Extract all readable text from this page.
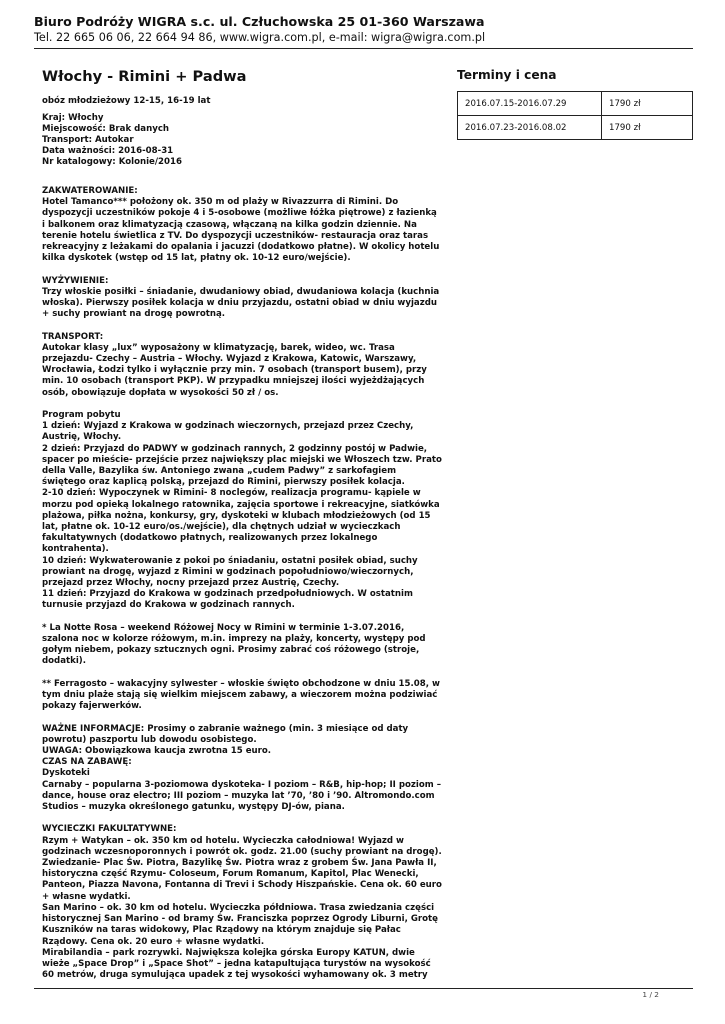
Biuro Podróży WIGRA s.c. ul. Człuchowska 25 01-360 Warszawa
Tel. 22 665 06 06, 22 664 94 86, www.wigra.com.pl, e-mail: wigra@wigra.com.pl
Włochy - Rimini + Padwa
obóz młodzieżowy 12-15, 16-19 lat
Kraj: Włochy
Miejscowość: Brak danych
Transport: Autokar
Data ważności: 2016-08-31
Nr katalogowy: Kolonie/2016

ZAKWATEROWANIE:
Hotel Tamanco*** położony ok. 350 m od plaży w Rivazzurra di Rimini. Do dyspozycji uczestników pokoje 4 i 5-osobowe (możliwe łóżka piętrowe) z łazienką i balkonem oraz klimatyzacją czasową, włączaną na kilka godzin dziennie. Na terenie hotelu świetlica z TV. Do dyspozycji uczestników- restauracja oraz taras rekreacyjny z leżakami do opalania i jacuzzi (dodatkowo płatne). W okolicy hotelu kilka dyskotek (wstęp od 15 lat, płatny ok. 10-12 euro/wejście).

WYŻYWIENIE:
Trzy włoskie posiłki – śniadanie, dwudaniowy obiad, dwudaniowa kolacja (kuchnia włoska). Pierwszy posiłek kolacja w dniu przyjazdu, ostatni obiad w dniu wyjazdu + suchy prowiant na drogę powrotną.

TRANSPORT:
Autokar klasy „lux” wyposażony w klimatyzację, barek, wideo, wc. Trasa przejazdu- Czechy – Austria – Włochy. Wyjazd z Krakowa, Katowic, Warszawy, Wrocławia, Łodzi tylko i wyłącznie przy min. 7 osobach (transport busem), przy min. 10 osobach (transport PKP). W przypadku mniejszej ilości wyjeżdżających osób, obowiązuje dopłata w wysokości 50 zł / os.

Program pobytu
1 dzień: Wyjazd z Krakowa w godzinach wieczornych, przejazd przez Czechy, Austrię, Włochy.
2 dzień: Przyjazd do PADWY w godzinach rannych, 2 godzinny postój w Padwie, spacer po mieście- przejście przez największy plac miejski we Włoszech tzw. Prato della Valle, Bazylika św. Antoniego zwana „cudem Padwy” z sarkofagiem świętego oraz kaplicą polską, przejazd do Rimini, pierwszy posiłek kolacja.
2-10 dzień: Wypoczynek w Rimini- 8 noclegów, realizacja programu- kąpiele w morzu pod opieką lokalnego ratownika, zajęcia sportowe i rekreacyjne, siatkówka plażowa, piłka nożna, konkursy, gry, dyskoteki w klubach młodzieżowych (od 15 lat, płatne ok. 10-12 euro/os./wejście), dla chętnych udział w wycieczkach fakultatywnych (dodatkowo płatnych, realizowanych przez lokalnego kontrahenta).
10 dzień: Wykwaterowanie z pokoi po śniadaniu, ostatni posiłek obiad, suchy prowiant na drogę, wyjazd z Rimini w godzinach popołudniowo/wieczornych, przejazd przez Włochy, nocny przejazd przez Austrię, Czechy.
11 dzień: Przyjazd do Krakowa w godzinach przedpołudniowych. W ostatnim turnusie przyjazd do Krakowa w godzinach rannych.

* La Notte Rosa – weekend Różowej Nocy w Rimini w terminie 1-3.07.2016, szalona noc w kolorze różowym, m.in. imprezy na plaży, koncerty, występy pod gołym niebem, pokazy sztucznych ogni. Prosimy zabrać coś różowego (stroje, dodatki).

** Ferragosto – wakacyjny sylwester – włoskie święto obchodzone w dniu 15.08, w tym dniu plaże stają się wielkim miejscem zabawy, a wieczorem można podziwiać pokazy fajerwerków.

WAŻNE INFORMACJE: Prosimy o zabranie ważnego (min. 3 miesiące od daty powrotu) paszportu lub dowodu osobistego.
UWAGA: Obowiązkowa kaucja zwrotna 15 euro.
CZAS NA ZABAWĘ:
Dyskoteki
Carnaby – popularna 3-poziomowa dyskoteka- I poziom – R&B, hip-hop; II poziom – dance, house oraz electro; III poziom – muzyka lat ’70, ’80 i ’90. Altromondo.com Studios – muzyka określonego gatunku, występy DJ-ów, piana.

WYCIECZKI FAKULTATYWNE:
Rzym + Watykan – ok. 350 km od hotelu. Wycieczka całodniowa! Wyjazd w godzinach wczesnoporonnych i powrót ok. godz. 21.00 (suchy prowiant na drogę). Zwiedzanie- Plac Św. Piotra, Bazylikę Św. Piotra wraz z grobem Św. Jana Pawła II, historyczna część Rzymu- Coloseum, Forum Romanum, Kapitol, Plac Wenecki, Panteon, Piazza Navona, Fontanna di Trevi i Schody Hiszpańskie. Cena ok. 60 euro + własne wydatki.
San Marino – ok. 30 km od hotelu. Wycieczka półdniowa. Trasa zwiedzania części historycznej San Marino - od bramy Św. Franciszka poprzez Ogrody Liburni, Grotę Kuszników na taras widokowy, Plac Rządowy na którym znajduje się Pałac Rządowy. Cena ok. 20 euro + własne wydatki.
Mirabilandia – park rozrywki. Największa kolejka górska Europy KATUN, dwie wieże „Space Drop” i „Space Shot” – jedna katapultująca turystów na wysokość 60 metrów, druga symulująca upadek z tej wysokości wyhamowany ok. 3 metry

Terminy i cena
2016.07.15-2016.07.29	1790 zł
2016.07.23-2016.08.02	1790 zł
1 / 2
